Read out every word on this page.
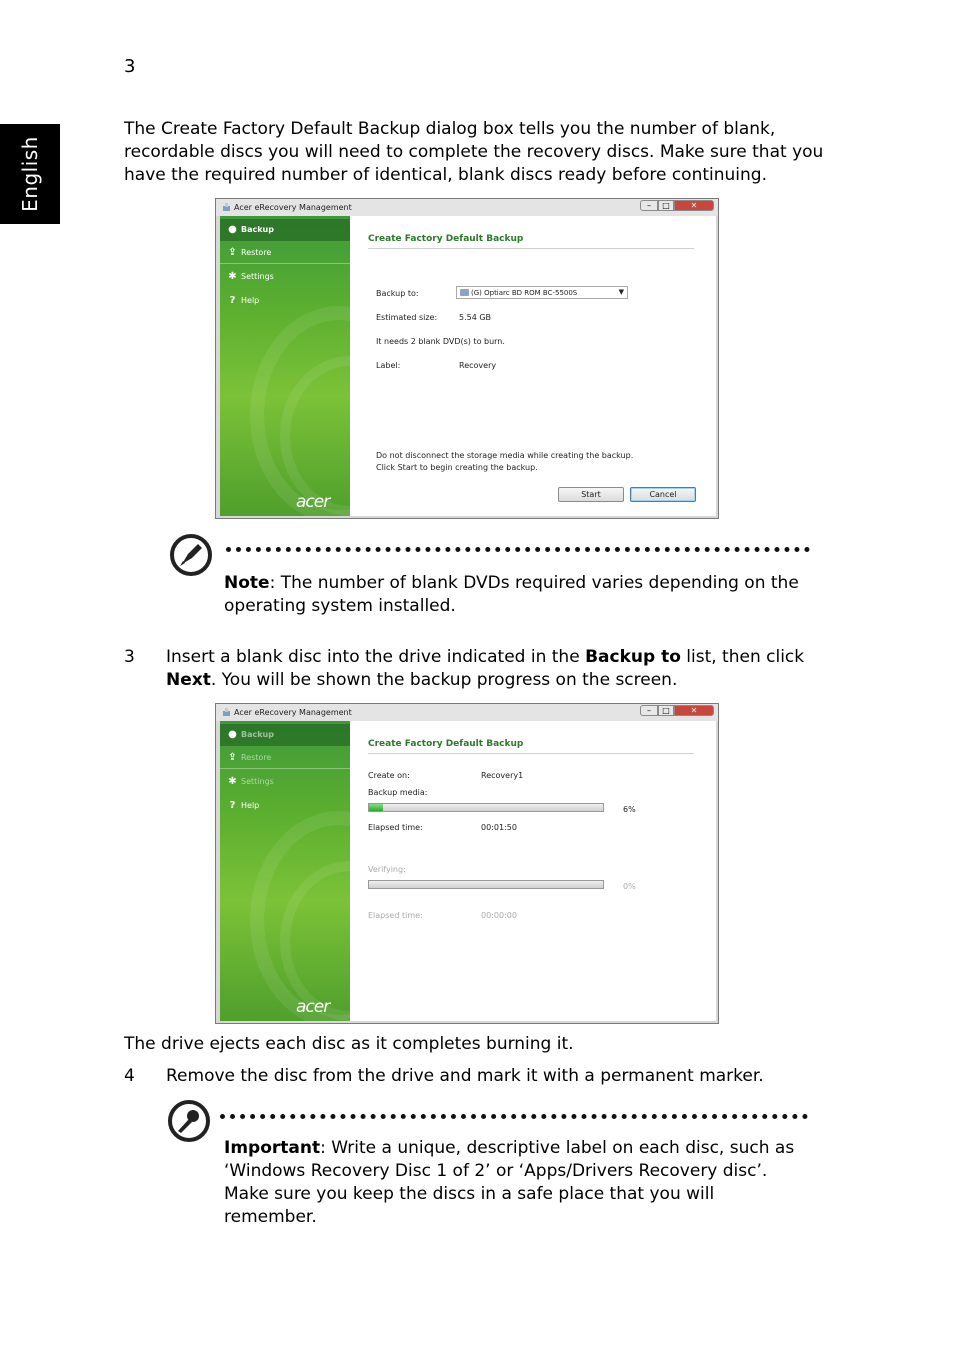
3
English
The Create Factory Default Backup dialog box tells you the number of blank, recordable discs you will need to complete the recovery discs. Make sure that you have the required number of identical, blank discs ready before continuing.
Acer eRecovery Management	–	□	✕
● Backup
⇪ Restore
✱ Settings
? Help
acer
Create Factory Default Backup
Backup to:	(G) Optiarc BD ROM BC-5500S	▼
Estimated size:	5.54 GB
It needs 2 blank DVD(s) to burn.
Label:	Recovery
Do not disconnect the storage media while creating the backup.
Click Start to begin creating the backup.
Start	Cancel
Note: The number of blank DVDs required varies depending on the operating system installed.
3 Insert a blank disc into the drive indicated in the Backup to list, then click Next. You will be shown the backup progress on the screen.
Acer eRecovery Management	–	□	✕
● Backup
⇪ Restore
✱ Settings
? Help
acer
Create Factory Default Backup
Create on:	Recovery1
Backup media:
6%
Elapsed time:	00:01:50
Verifying:
0%
Elapsed time:	00:00:00
The drive ejects each disc as it completes burning it.
4 Remove the disc from the drive and mark it with a permanent marker.
Important: Write a unique, descriptive label on each disc, such as ‘Windows Recovery Disc 1 of 2’ or ‘Apps/Drivers Recovery disc’. Make sure you keep the discs in a safe place that you will remember.
